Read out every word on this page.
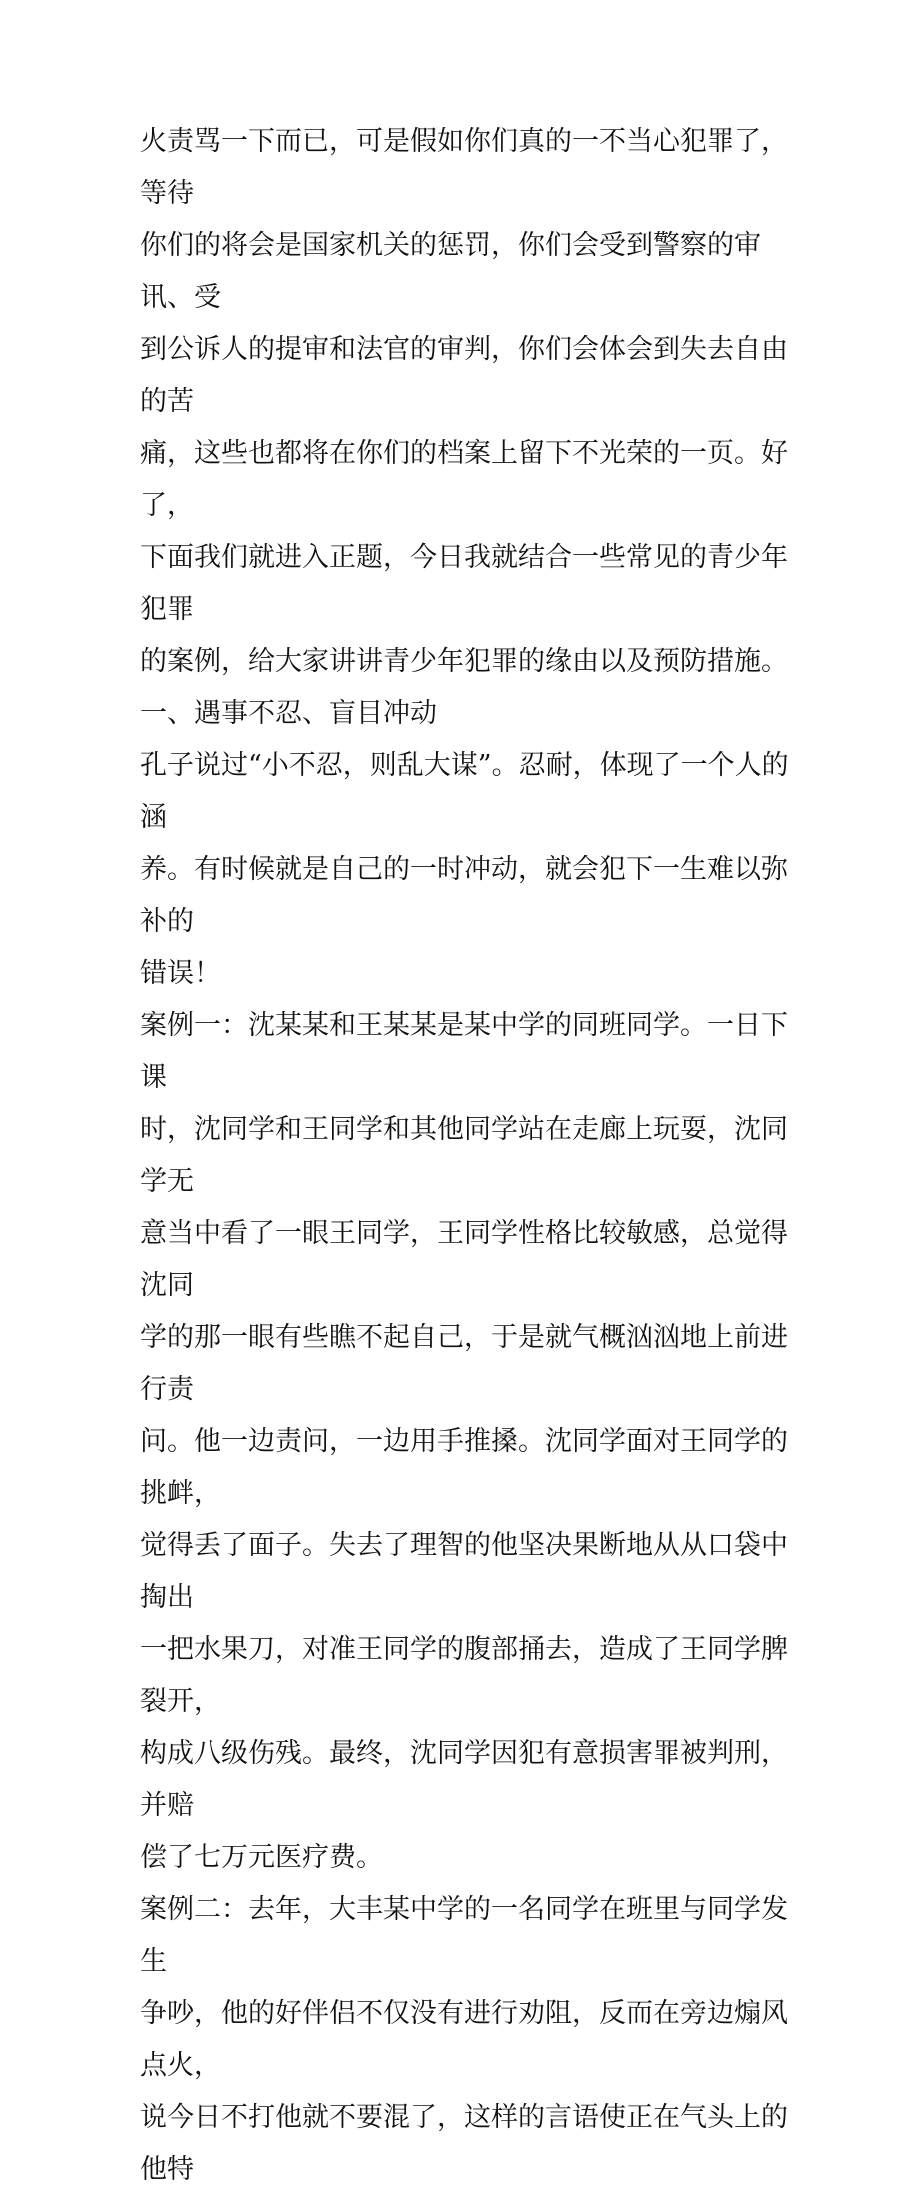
火责骂一下而已，可是假如你们真的一不当心犯罪了，等待
你们的将会是国家机关的惩罚，你们会受到警察的审讯、受
到公诉人的提审和法官的审判，你们会体会到失去自由的苦
痛，这些也都将在你们的档案上留下不光荣的一页。好了，
下面我们就进入正题，今日我就结合一些常见的青少年犯罪
的案例，给大家讲讲青少年犯罪的缘由以及预防措施。

一、遇事不忍、盲目冲动

孔子说过“小不忍，则乱大谋”。忍耐，体现了一个人的涵
养。有时候就是自己的一时冲动，就会犯下一生难以弥补的
错误！

案例一：沈某某和王某某是某中学的同班同学。一日下课
时，沈同学和王同学和其他同学站在走廊上玩耍，沈同学无
意当中看了一眼王同学，王同学性格比较敏感，总觉得沈同
学的那一眼有些瞧不起自己，于是就气概汹汹地上前进行责
问。他一边责问，一边用手推搡。沈同学面对王同学的挑衅，
觉得丢了面子。失去了理智的他坚决果断地从从口袋中掏出
一把水果刀，对准王同学的腹部捅去，造成了王同学脾裂开，
构成八级伤残。最终，沈同学因犯有意损害罪被判刑，并赔
偿了七万元医疗费。

案例二：去年，大丰某中学的一名同学在班里与同学发生
争吵，他的好伴侣不仅没有进行劝阻，反而在旁边煽风点火，
说今日不打他就不要混了，这样的言语使正在气头上的他特
